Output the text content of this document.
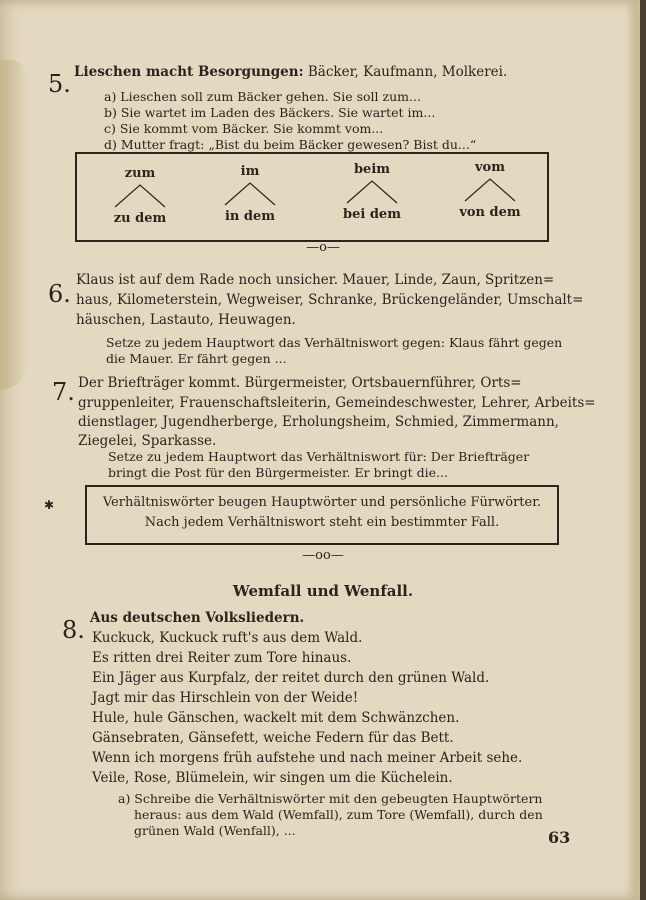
5. Lieschen macht Besorgungen: Bäcker, Kaufmann, Molkerei.
a) Lieschen soll zum Bäcker gehen. Sie soll zum...
b) Sie wartet im Laden des Bäckers. Sie wartet im...
c) Sie kommt vom Bäcker. Sie kommt vom...
d) Mutter fragt: „Bist du beim Bäcker gewesen? Bist du...“
zum
zu dem
im
in dem
beim
bei dem
vom
von dem
—o—
6. Klaus ist auf dem Rade noch unsicher. Mauer, Linde, Zaun, Spritzen=
haus, Kilometerstein, Wegweiser, Schranke, Brückengeländer, Umschalt=
häuschen, Lastauto, Heuwagen.
Setze zu jedem Hauptwort das Verhältniswort gegen: Klaus fährt gegen
die Mauer. Er fährt gegen ...
7. Der Briefträger kommt. Bürgermeister, Ortsbauernführer, Orts=
gruppenleiter, Frauenschaftsleiterin, Gemeindeschwester, Lehrer, Arbeits=
dienstlager, Jugendherberge, Erholungsheim, Schmied, Zimmermann,
Ziegelei, Sparkasse.
Setze zu jedem Hauptwort das Verhältniswort für: Der Briefträger
bringt die Post für den Bürgermeister. Er bringt die...
✱	Verhältniswörter beugen Hauptwörter und persönliche Fürwörter.
Nach jedem Verhältniswort steht ein bestimmter Fall.
—oo—
Wemfall und Wenfall.
8. Aus deutschen Volksliedern.
Kuckuck, Kuckuck ruft's aus dem Wald.
Es ritten drei Reiter zum Tore hinaus.
Ein Jäger aus Kurpfalz, der reitet durch den grünen Wald.
Jagt mir das Hirschlein von der Weide!
Hule, hule Gänschen, wackelt mit dem Schwänzchen.
Gänsebraten, Gänsefett, weiche Federn für das Bett.
Wenn ich morgens früh aufstehe und nach meiner Arbeit sehe.
Veile, Rose, Blümelein, wir singen um die Küchelein.
a) Schreibe die Verhältniswörter mit den gebeugten Hauptwörtern
heraus: aus dem Wald (Wemfall), zum Tore (Wemfall), durch den
grünen Wald (Wenfall), ...	63
